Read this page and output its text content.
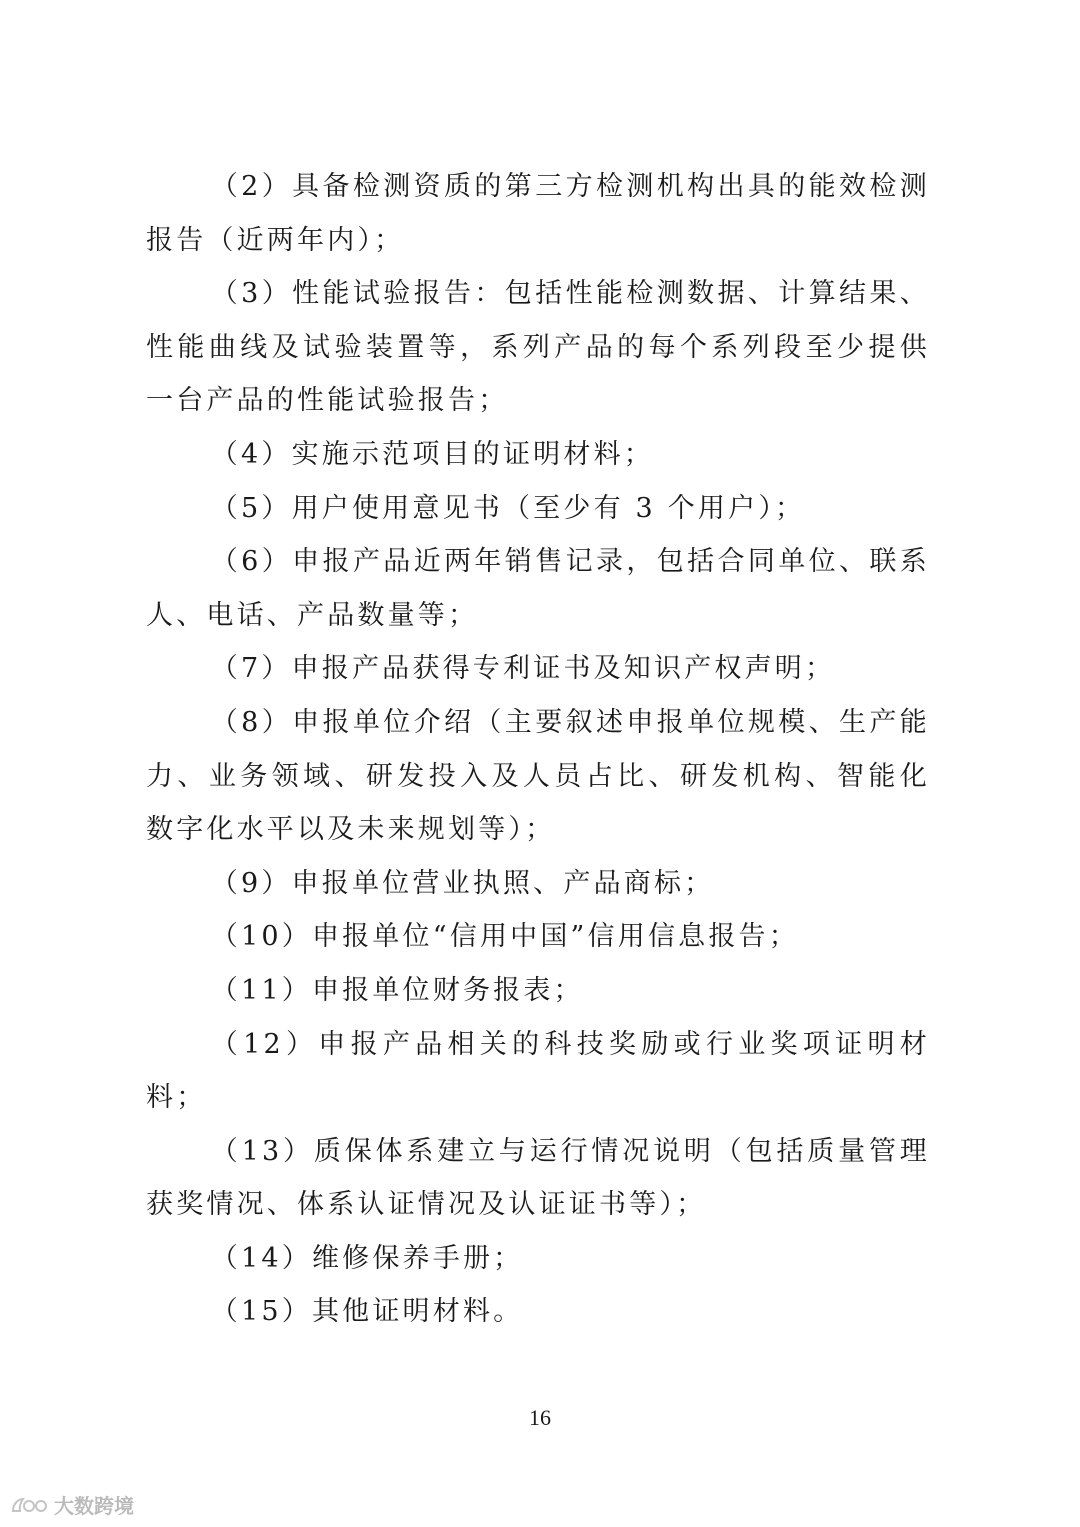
（2）具备检测资质的第三方检测机构出具的能效检测报告（近两年内）；

（3）性能试验报告：包括性能检测数据、计算结果、性能曲线及试验装置等，系列产品的每个系列段至少提供一台产品的性能试验报告；

（4）实施示范项目的证明材料；

（5）用户使用意见书（至少有 3 个用户）；

（6）申报产品近两年销售记录，包括合同单位、联系人、电话、产品数量等；

（7）申报产品获得专利证书及知识产权声明；

（8）申报单位介绍（主要叙述申报单位规模、生产能力、业务领域、研发投入及人员占比、研发机构、智能化数字化水平以及未来规划等）；

（9）申报单位营业执照、产品商标；

（10）申报单位“信用中国”信用信息报告；

（11）申报单位财务报表；

（12）申报产品相关的科技奖励或行业奖项证明材料；

（13）质保体系建立与运行情况说明（包括质量管理获奖情况、体系认证情况及认证证书等）；

（14）维修保养手册；

（15）其他证明材料。

16
大数跨境
